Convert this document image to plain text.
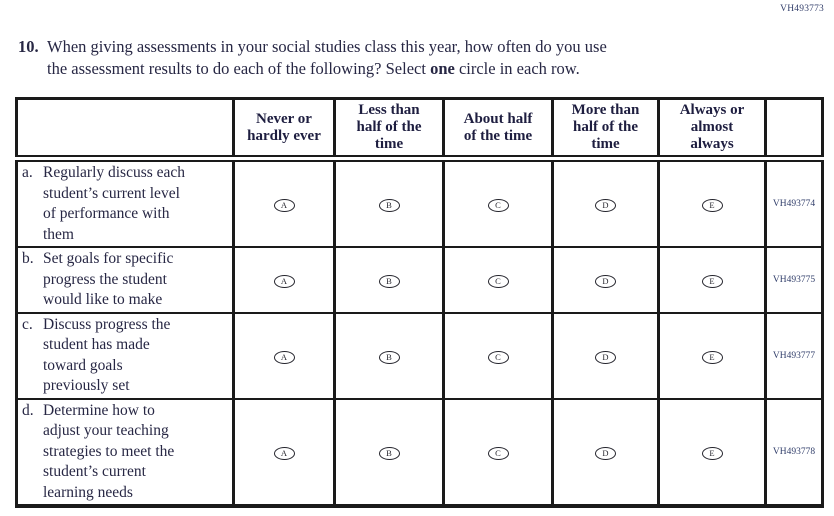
VH493773
10. When giving assessments in your social studies class this year, how often do you use
the assessment results to do each of the following? Select one circle in each row.

Never or
hardly ever

Less than
half of the
time

About half
of the time

More than
half of the
time

Always or
almost
always

a. Regularly discuss each
student’s current level
of performance with
them	A	B	C	D	E	VH493774

b. Set goals for specific
progress the student
would like to make	A	B	C	D	E	VH493775

c. Discuss progress the
student has made
toward goals
previously set	A	B	C	D	E	VH493777

d. Determine how to
adjust your teaching
strategies to meet the
student’s current
learning needs

A	B	C	D	E	VH493778
